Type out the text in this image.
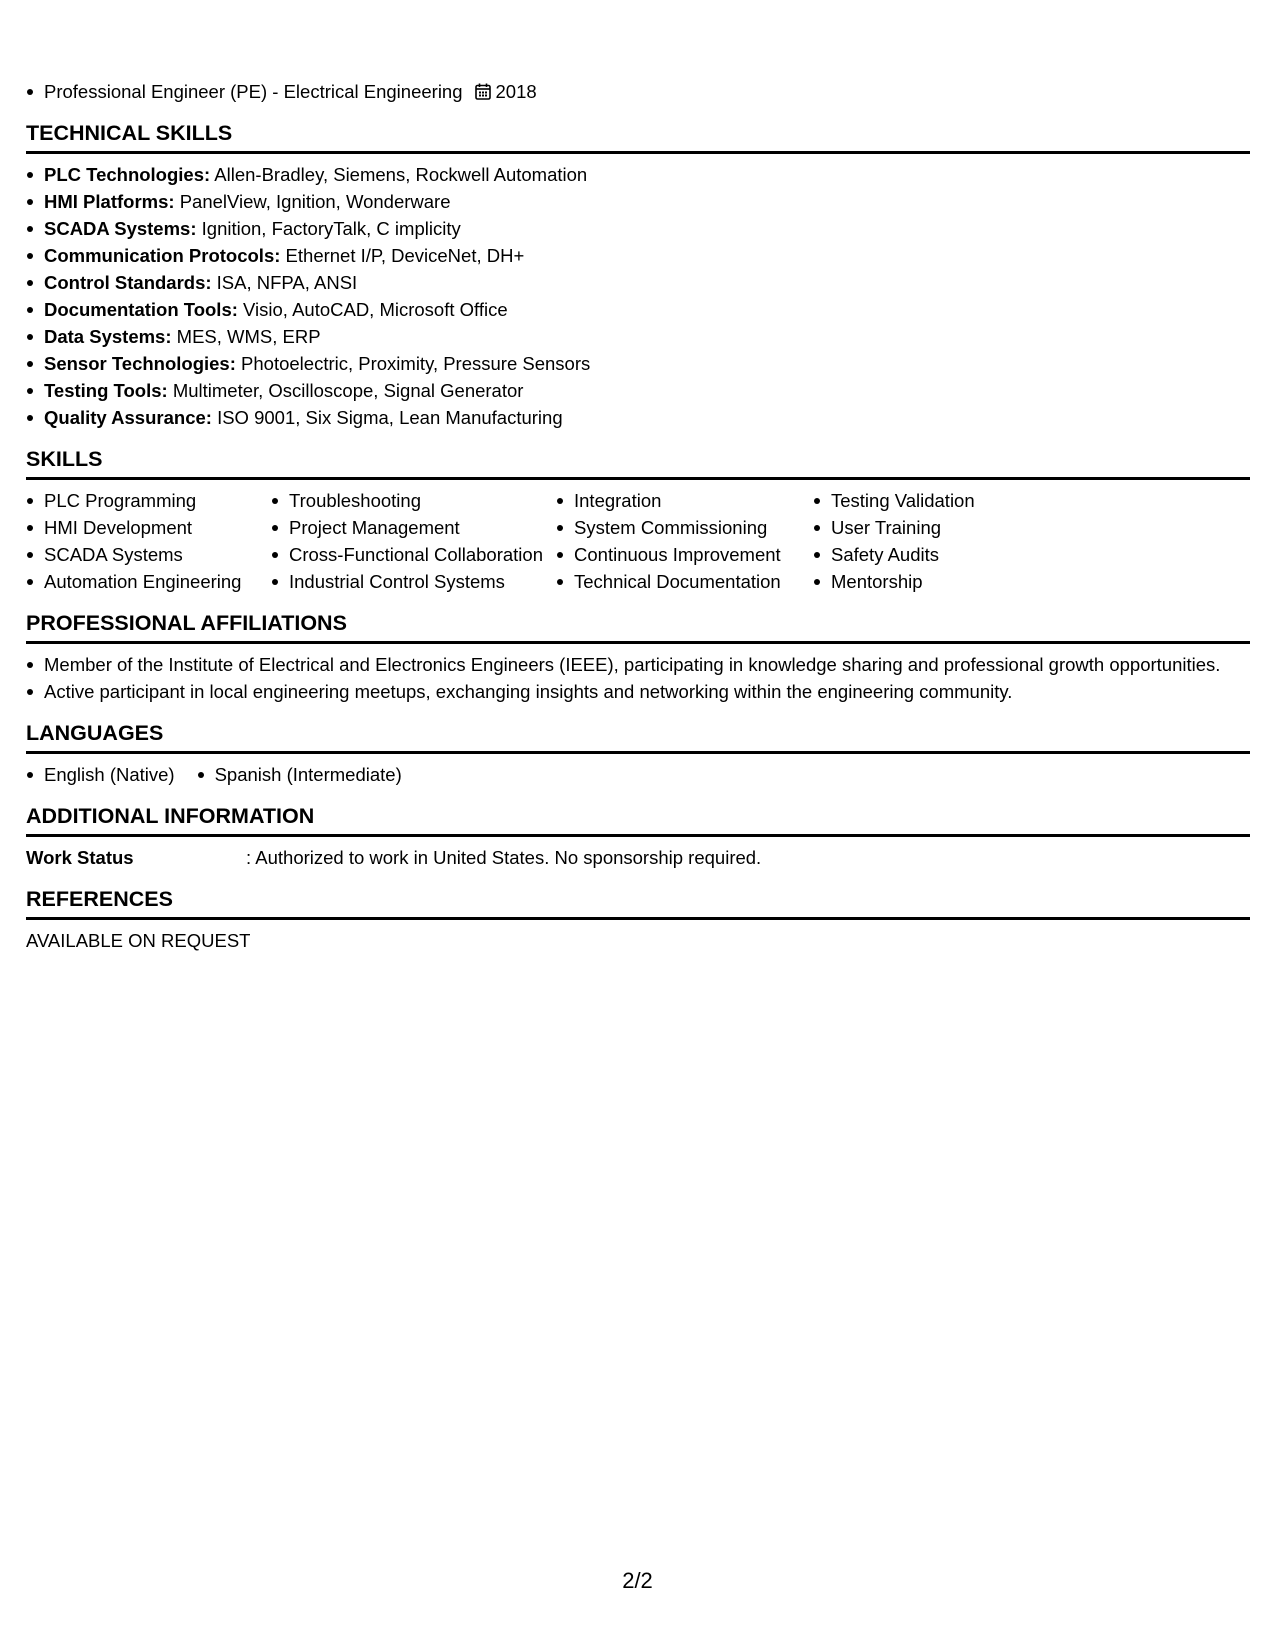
Professional Engineer (PE) - Electrical Engineering 2018
TECHNICAL SKILLS
PLC Technologies: Allen-Bradley, Siemens, Rockwell Automation
HMI Platforms: PanelView, Ignition, Wonderware
SCADA Systems: Ignition, FactoryTalk, C implicity
Communication Protocols: Ethernet I/P, DeviceNet, DH+
Control Standards: ISA, NFPA, ANSI
Documentation Tools: Visio, AutoCAD, Microsoft Office
Data Systems: MES, WMS, ERP
Sensor Technologies: Photoelectric, Proximity, Pressure Sensors
Testing Tools: Multimeter, Oscilloscope, Signal Generator
Quality Assurance: ISO 9001, Six Sigma, Lean Manufacturing
SKILLS
PLC Programming
HMI Development
SCADA Systems
Automation Engineering
Troubleshooting
Project Management
Cross-Functional Collaboration
Industrial Control Systems
Integration
System Commissioning
Continuous Improvement
Technical Documentation
Testing Validation
User Training
Safety Audits
Mentorship
PROFESSIONAL AFFILIATIONS
Member of the Institute of Electrical and Electronics Engineers (IEEE), participating in knowledge sharing and professional growth opportunities.
Active participant in local engineering meetups, exchanging insights and networking within the engineering community.
LANGUAGES
English (Native)	Spanish (Intermediate)
ADDITIONAL INFORMATION
Work Status	: Authorized to work in United States. No sponsorship required.
REFERENCES
AVAILABLE ON REQUEST
2/2
